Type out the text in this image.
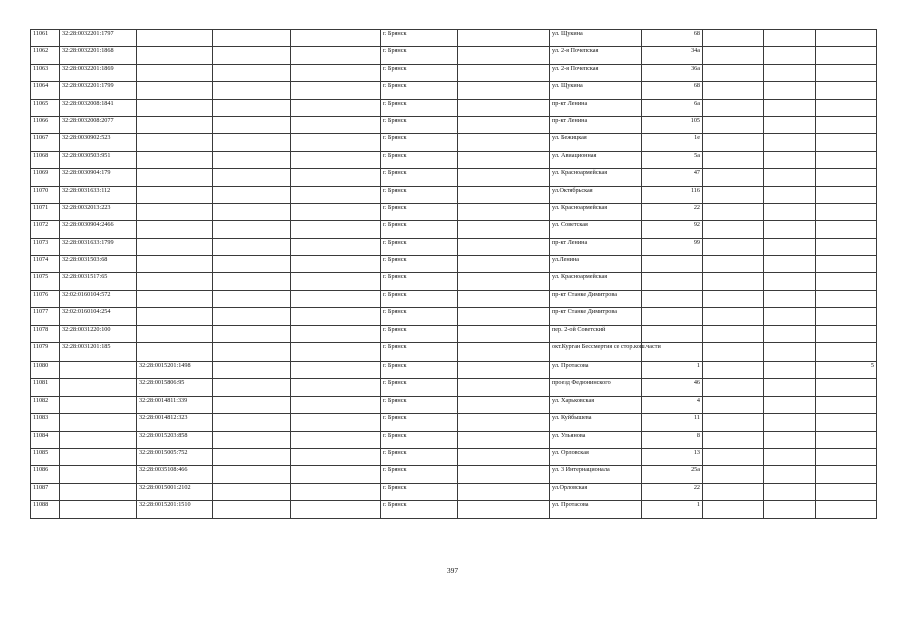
11061	32:28:0032201:1797				г. Брянск		ул. Щукина	68			
11062	32:28:0032201:1868				г. Брянск		ул. 2-я Почепская	34а			
11063	32:28:0032201:1869				г. Брянск		ул. 2-я Почепская	36а			
11064	32:28:0032201:1799				г. Брянск		ул. Щукина	68			
11065	32:28:0032008:1841				г. Брянск		пр-кт Ленина	6а			
11066	32:28:0032008:2077				г. Брянск		пр-кт Ленина	105			
11067	32:28:0030902:523				г. Брянск		ул. Бежицкая	1е			
11068	32:28:0030503:951				г. Брянск		ул. Авиационная	5а			
11069	32:28:0030904:179				г. Брянск		ул. Красноармейская	47			
11070	32:28:0031633:112				г. Брянск		ул.Октябрьская	116			
11071	32:28:0032013:223				г. Брянск		ул. Красноармейская	22			
11072	32:28:0030904:2466				г. Брянск		ул. Советская	92			
11073	32:28:0031633:1799				г. Брянск		пр-кт Ленина	99			
11074	32:28:0031503:68				г. Брянск		ул.Ленина				
11075	32:28:0031517:65				г. Брянск		ул. Красноармейская				
11076	32:02:0160104:572				г. Брянск		пр-кт Станке Димитрова				
11077	32:02:0160104:254				г. Брянск		пр-кт Станке Димитрова				
11078	32:28:0031220:100				г. Брянск		пер. 2-ой Советский				
11079	32:28:0031201:185				г. Брянск		окт.Курган Бессмертия се стор.кош.части				
11080		32:28:0015201:1498			г. Брянск		ул. Протасова	1			5
11081		32:28:0015806:95			г. Брянск		проезд Федюнинского	46			
11082		32:28:0014811:339			г. Брянск		ул. Харьковская	4			
11083		32:28:0014812:323			г. Брянск		ул. Куйбышева	11			
11084		32:28:0015203:858			г. Брянск		ул. Ульянова	8			
11085		32:28:0015005:752			г. Брянск		ул. Орловская	13			
11086		32:28:0035108:466			г. Брянск		ул. 3 Интернационала	25а			
11087		32:28:0015001:2102			г. Брянск		ул.Орловская	22			
11088		32:28:0015201:1510			г. Брянск		ул. Протасова	1			
397
